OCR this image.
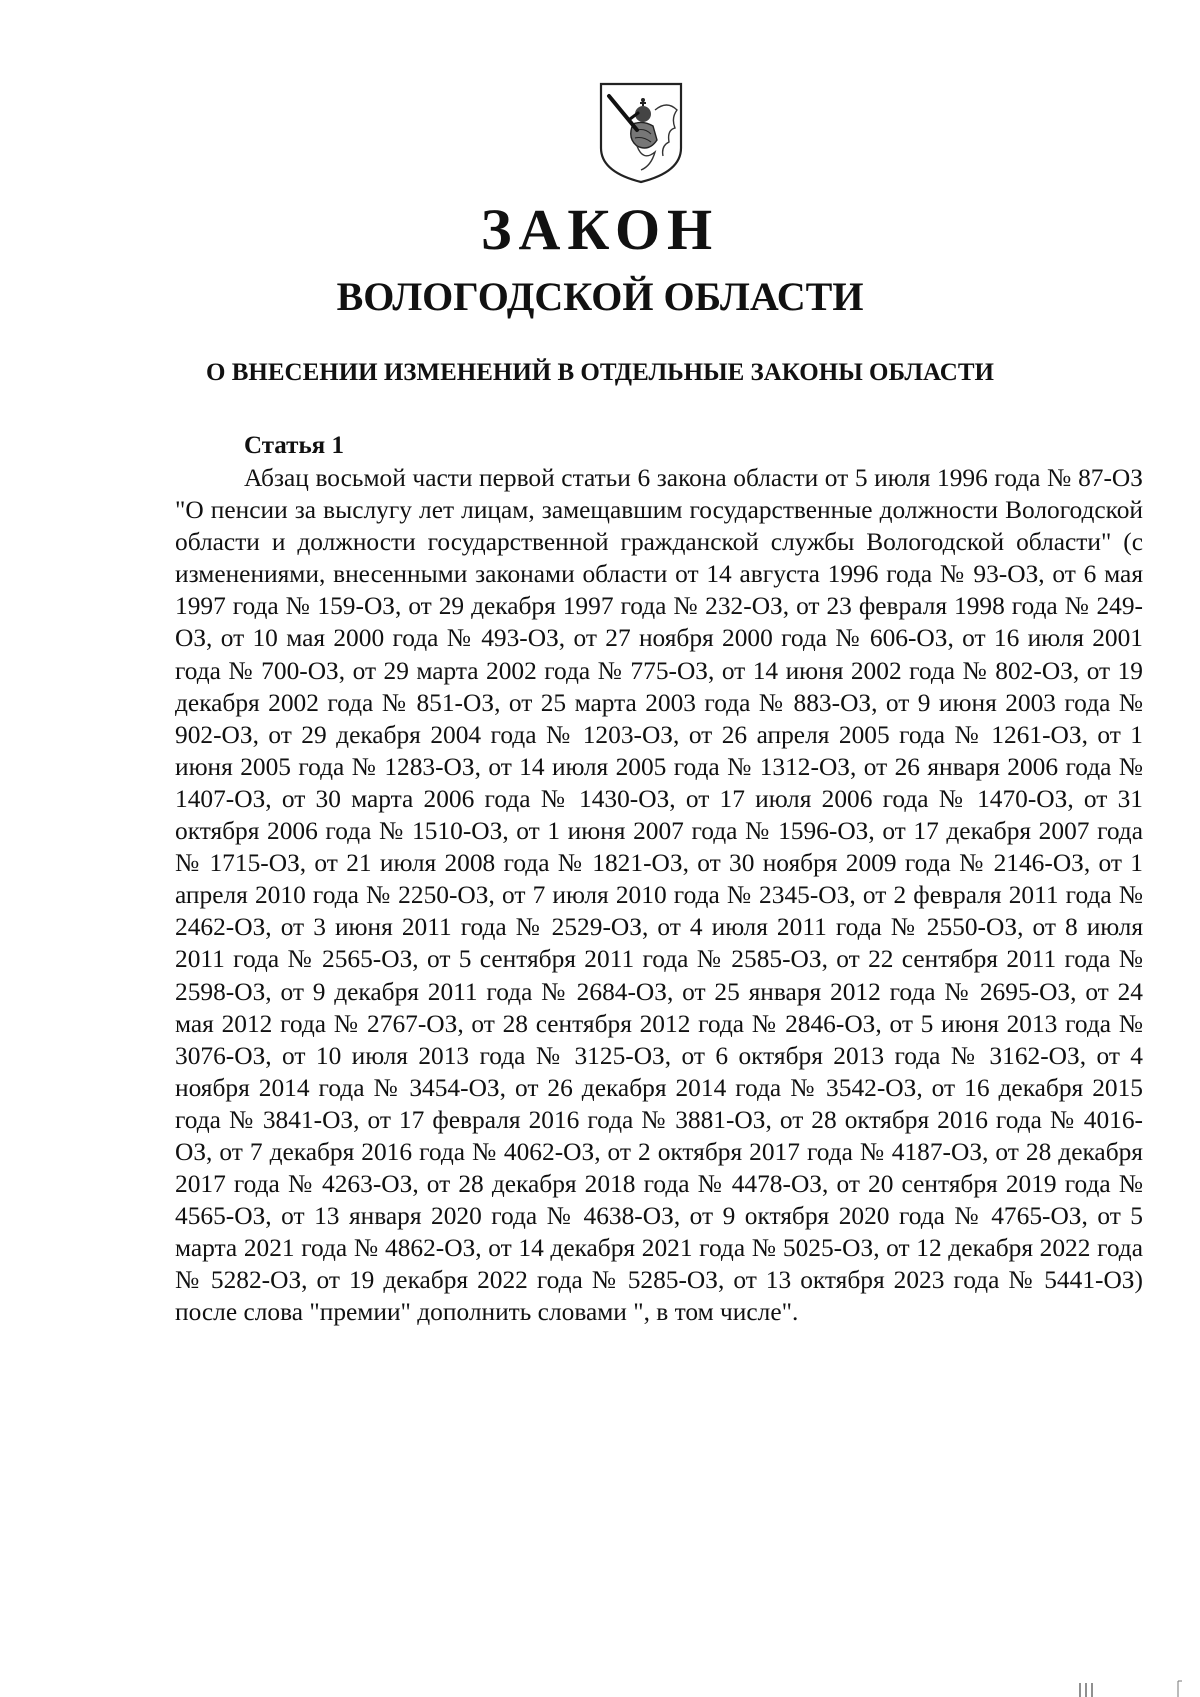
ЗАКОН
ВОЛОГОДСКОЙ ОБЛАСТИ
О ВНЕСЕНИИ ИЗМЕНЕНИЙ В ОТДЕЛЬНЫЕ ЗАКОНЫ ОБЛАСТИ
Статья 1

Абзац восьмой части первой статьи 6 закона области от 5 июля 1996 года № 87-ОЗ "О пенсии за выслугу лет лицам, замещавшим государственные должности Вологодской области и должности государственной гражданской службы Вологодской области" (с изменениями, внесенными законами области от 14 августа 1996 года № 93-ОЗ, от 6 мая 1997 года № 159-ОЗ, от 29 декабря 1997 года № 232-ОЗ, от 23 февраля 1998 года № 249-ОЗ, от 10 мая 2000 года № 493-ОЗ, от 27 ноября 2000 года № 606-ОЗ, от 16 июля 2001 года № 700-ОЗ, от 29 марта 2002 года № 775-ОЗ, от 14 июня 2002 года № 802-ОЗ, от 19 декабря 2002 года № 851-ОЗ, от 25 марта 2003 года № 883-ОЗ, от 9 июня 2003 года № 902-ОЗ, от 29 декабря 2004 года № 1203-ОЗ, от 26 апреля 2005 года № 1261-ОЗ, от 1 июня 2005 года № 1283-ОЗ, от 14 июля 2005 года № 1312-ОЗ, от 26 января 2006 года № 1407-ОЗ, от 30 марта 2006 года № 1430-ОЗ, от 17 июля 2006 года № 1470-ОЗ, от 31 октября 2006 года № 1510-ОЗ, от 1 июня 2007 года № 1596-ОЗ, от 17 декабря 2007 года № 1715-ОЗ, от 21 июля 2008 года № 1821-ОЗ, от 30 ноября 2009 года № 2146-ОЗ, от 1 апреля 2010 года № 2250-ОЗ, от 7 июля 2010 года № 2345-ОЗ, от 2 февраля 2011 года № 2462-ОЗ, от 3 июня 2011 года № 2529-ОЗ, от 4 июля 2011 года № 2550-ОЗ, от 8 июля 2011 года № 2565-ОЗ, от 5 сентября 2011 года № 2585-ОЗ, от 22 сентября 2011 года № 2598-ОЗ, от 9 декабря 2011 года № 2684-ОЗ, от 25 января 2012 года № 2695-ОЗ, от 24 мая 2012 года № 2767-ОЗ, от 28 сентября 2012 года № 2846-ОЗ, от 5 июня 2013 года № 3076-ОЗ, от 10 июля 2013 года № 3125-ОЗ, от 6 октября 2013 года № 3162-ОЗ, от 4 ноября 2014 года № 3454-ОЗ, от 26 декабря 2014 года № 3542-ОЗ, от 16 декабря 2015 года № 3841-ОЗ, от 17 февраля 2016 года № 3881-ОЗ, от 28 октября 2016 года № 4016-ОЗ, от 7 декабря 2016 года № 4062-ОЗ, от 2 октября 2017 года № 4187-ОЗ, от 28 декабря 2017 года № 4263-ОЗ, от 28 декабря 2018 года № 4478-ОЗ, от 20 сентября 2019 года № 4565-ОЗ, от 13 января 2020 года № 4638-ОЗ, от 9 октября 2020 года № 4765-ОЗ, от 5 марта 2021 года № 4862-ОЗ, от 14 декабря 2021 года № 5025-ОЗ, от 12 декабря 2022 года № 5282-ОЗ, от 19 декабря 2022 года № 5285-ОЗ, от 13 октября 2023 года № 5441-ОЗ) после слова "премии" дополнить словами ", в том числе".
